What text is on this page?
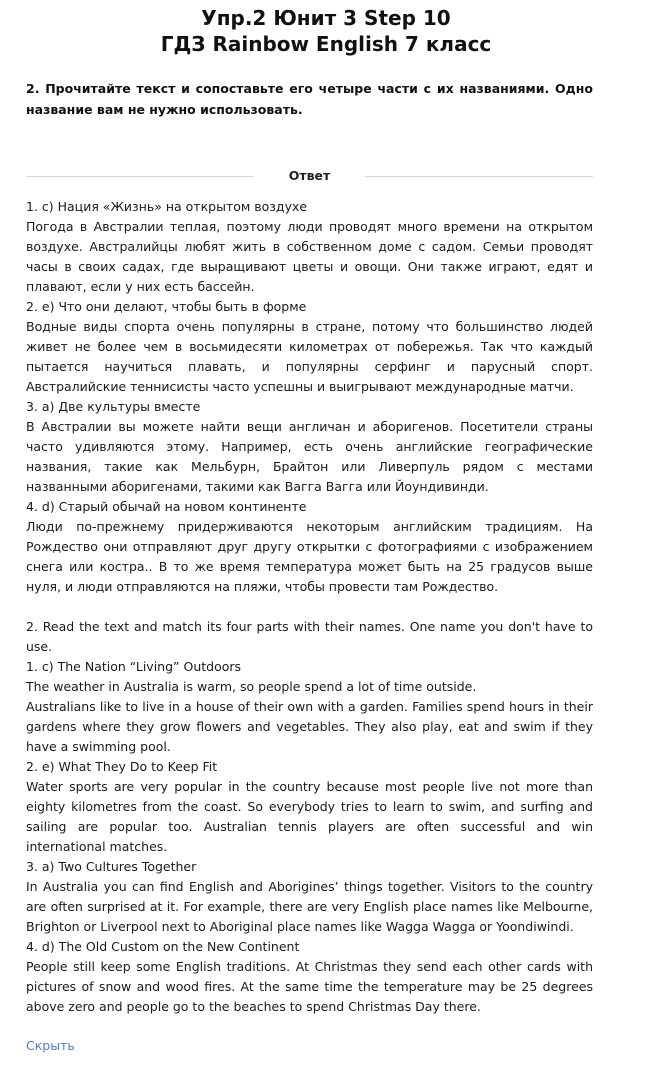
Упр.2 Юнит 3 Step 10
ГДЗ Rainbow English 7 класс

2. Прочитайте текст и сопоставьте его четыре части с их названиями. Одно название вам не нужно использовать.

Ответ

1. c) Нация «Жизнь» на открытом воздухе

Погода в Австралии теплая, поэтому люди проводят много времени на открытом воздухе. Австралийцы любят жить в собственном доме с садом. Семьи проводят часы в своих садах, где выращивают цветы и овощи. Они также играют, едят и плавают, если у них есть бассейн.

2. e) Что они делают, чтобы быть в форме

Водные виды спорта очень популярны в стране, потому что большинство людей живет не более чем в восьмидесяти километрах от побережья. Так что каждый пытается научиться плавать, и популярны серфинг и парусный спорт. Австралийские теннисисты часто успешны и выигрывают международные матчи.

3. a) Две культуры вместе

В Австралии вы можете найти вещи англичан и аборигенов. Посетители страны часто удивляются этому. Например, есть очень английские географические названия, такие как Мельбурн, Брайтон или Ливерпуль рядом с местами названными аборигенами, такими как Вагга Вагга или Йоундивинди.

4. d) Старый обычай на новом континенте

Люди по-прежнему придерживаются некоторым английским традициям. На Рождество они отправляют друг другу открытки с фотографиями с изображением снега или костра.. В то же время температура может быть на 25 градусов выше нуля, и люди отправляются на пляжи, чтобы провести там Рождество.

2. Read the text and match its four parts with their names. One name you don't have to use.

1. c) The Nation “Living” Outdoors

The weather in Australia is warm, so people spend a lot of time outside.

Australians like to live in a house of their own with a garden. Families spend hours in their gardens where they grow flowers and vegetables. They also play, eat and swim if they have a swimming pool.

2. e) What They Do to Keep Fit

Water sports are very popular in the country because most people live not more than eighty kilometres from the coast. So everybody tries to learn to swim, and surfing and sailing are popular too. Australian tennis players are often successful and win international matches.

3. a) Two Cultures Together

In Australia you can find English and Aborigines’ things together. Visitors to the country are often surprised at it. For example, there are very English place names like Melbourne, Brighton or Liverpool next to Aboriginal place names like Wagga Wagga or Yoondiwindi.

4. d) The Old Custom on the New Continent

People still keep some English traditions. At Christmas they send each other cards with pictures of snow and wood fires. At the same time the temperature may be 25 degrees above zero and people go to the beaches to spend Christmas Day there.

Скрыть
